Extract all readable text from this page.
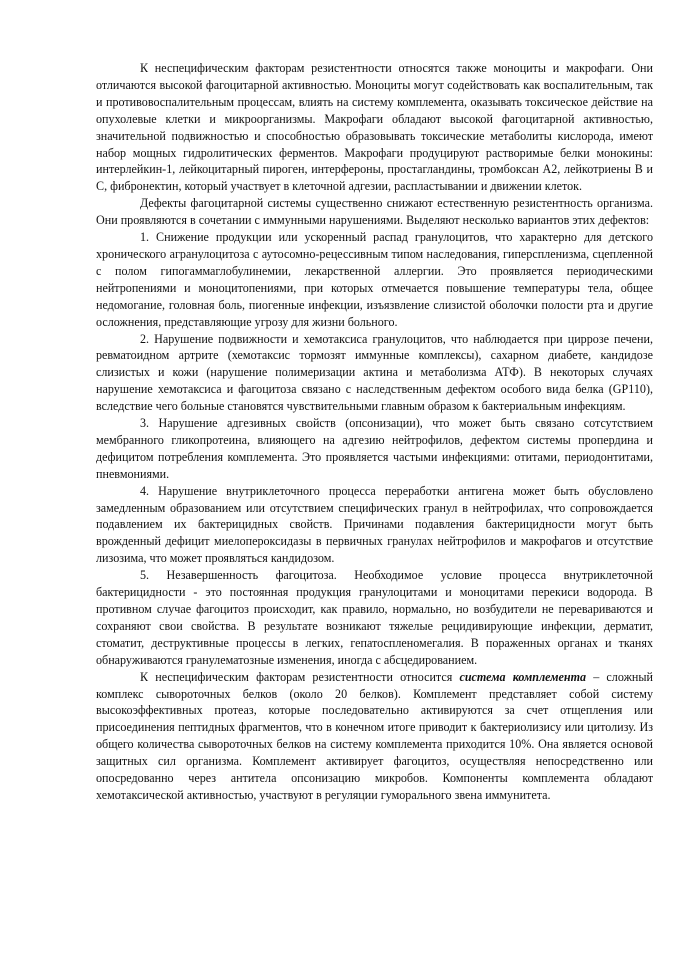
К неспецифическим факторам резистентности относятся также моноциты и макрофаги. Они отличаются высокой фагоцитарной активностью. Моноциты могут содействовать как воспалительным, так и противовоспалительным процессам, влиять на систему комплемента, оказывать токсическое действие на опухолевые клетки и микроорганизмы. Макрофаги обладают высокой фагоцитарной активностью, значительной подвижностью и способностью образовывать токсические метаболиты кислорода, имеют набор мощных гидролитических ферментов. Макрофаги продуцируют растворимые белки монокины: интерлейкин-1, лейкоцитарный пироген, интерфероны, простагландины, тромбоксан А2, лейкотриены В и С, фибронектин, который участвует в клеточной адгезии, распластывании и движении клеток.

Дефекты фагоцитарной системы существенно снижают естественную резистентность организма. Они проявляются в сочетании с иммунными нарушениями. Выделяют несколько вариантов этих дефектов:

1. Снижение продукции или ускоренный распад гранулоцитов, что характерно для детского хронического агранулоцитоза с аутосомно-рецессивным типом наследования, гиперспленизма, сцепленной с полом гипогаммаглобулинемии, лекарственной аллергии. Это проявляется периодическими нейтропениями и моноцитопениями, при которых отмечается повышение температуры тела, общее недомогание, головная боль, пиогенные инфекции, изъязвление слизистой оболочки полости рта и другие осложнения, представляющие угрозу для жизни больного.

2. Нарушение подвижности и хемотаксиса гранулоцитов, что наблюдается при циррозе печени, ревматоидном артрите (хемотаксис тормозят иммунные комплексы), сахарном диабете, кандидозе слизистых и кожи (нарушение полимеризации актина и метаболизма АТФ). В некоторых случаях нарушение хемотаксиса и фагоцитоза связано с наследственным дефектом особого вида белка (GP110), вследствие чего больные становятся чувствительными главным образом к бактериальным инфекциям.

3. Нарушение адгезивных свойств (опсонизации), что может быть связано сотсутствием мембранного гликопротеина, влияющего на адгезию нейтрофилов, дефектом системы пропердина и дефицитом потребления комплемента. Это проявляется частыми инфекциями: отитами, периодонтитами, пневмониями.

4. Нарушение внутриклеточного процесса переработки антигена может быть обусловлено замедленным образованием или отсутствием специфических гранул в нейтрофилах, что сопровождается подавлением их бактерицидных свойств. Причинами подавления бактерицидности могут быть врожденный дефицит миелопероксидазы в первичных гранулах нейтрофилов и макрофагов и отсутствие лизозима, что может проявляться кандидозом.

5. Незавершенность фагоцитоза. Необходимое условие процесса внутриклеточной бактерицидности - это постоянная продукция гранулоцитами и моноцитами перекиси водорода. В противном случае фагоцитоз происходит, как правило, нормально, но возбудители не перевариваются и сохраняют свои свойства. В результате возникают тяжелые рецидивирующие инфекции, дерматит, стоматит, деструктивные процессы в легких, гепатоспленомегалия. В пораженных органах и тканях обнаруживаются гранулематозные изменения, иногда с абсцедированием.

К неспецифическим факторам резистентности относится система комплемента – сложный комплекс сывороточных белков (около 20 белков). Комплемент представляет собой систему высокоэффективных протеаз, которые последовательно активируются за счет отщепления или присоединения пептидных фрагментов, что в конечном итоге приводит к бактериолизису или цитолизу. Из общего количества сывороточных белков на систему комплемента приходится 10%. Она является основой защитных сил организма. Комплемент активирует фагоцитоз, осуществляя непосредственно или опосредованно через антитела опсонизацию микробов. Компоненты комплемента обладают хемотаксической активностью, участвуют в регуляции гуморального звена иммунитета.
